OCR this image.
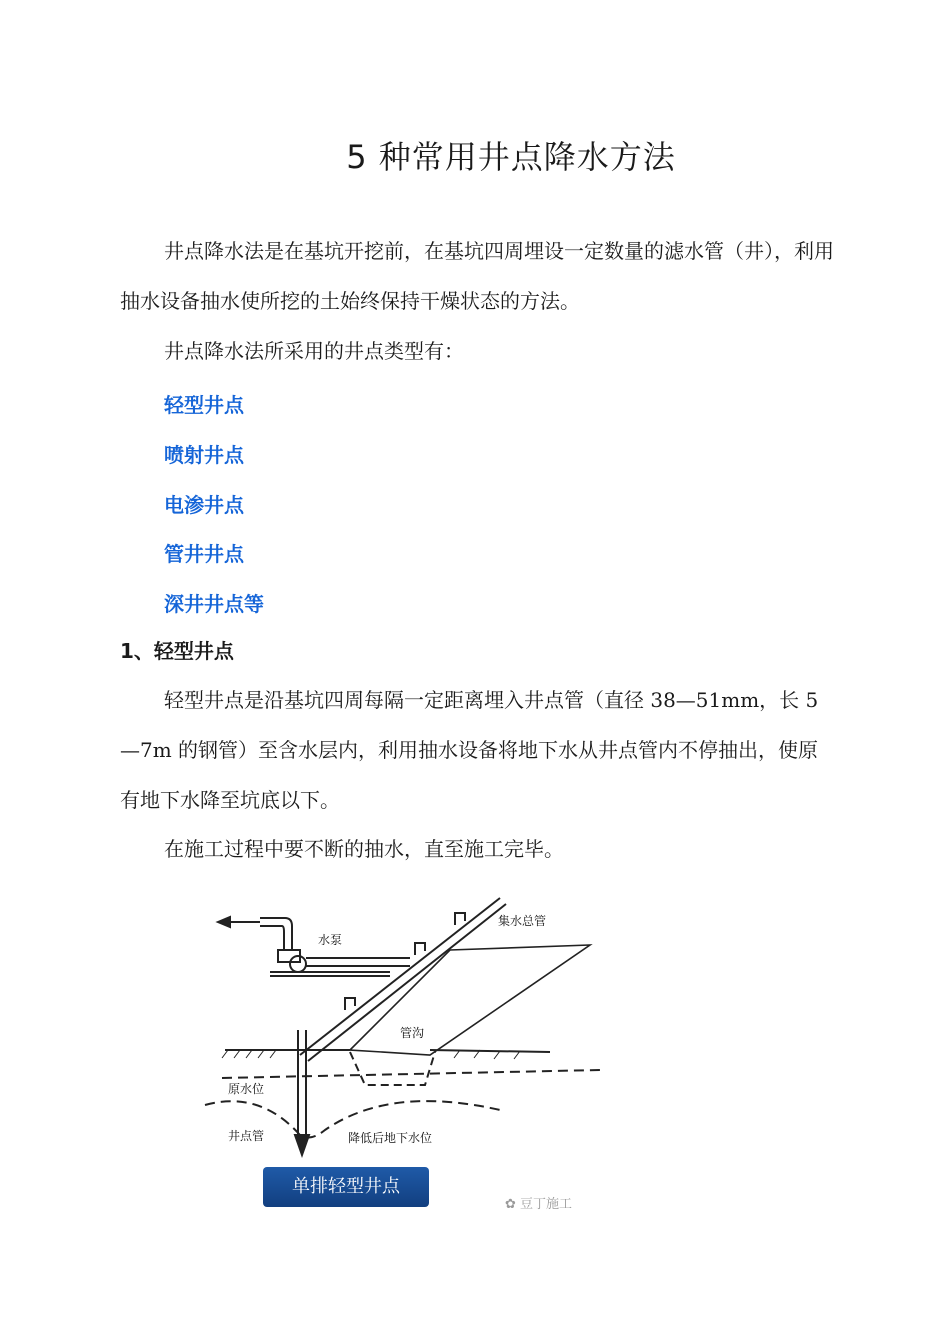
5 种常用井点降水方法

井点降水法是在基坑开挖前，在基坑四周埋设一定数量的滤水管（井），利用抽水设备抽水使所挖的土始终保持干燥状态的方法。

井点降水法所采用的井点类型有：

轻型井点
喷射井点
电渗井点
管井井点
深井井点等
1、轻型井点

轻型井点是沿基坑四周每隔一定距离埋入井点管（直径 38—51mm，长 5—7m 的钢管）至含水层内，利用抽水设备将地下水从井点管内不停抽出，使原有地下水降至坑底以下。

在施工过程中要不断的抽水，直至施工完毕。

水泵
集水总管
管沟
原水位
井点管	降低后地下水位
单排轻型井点
✿ 豆丁施工
